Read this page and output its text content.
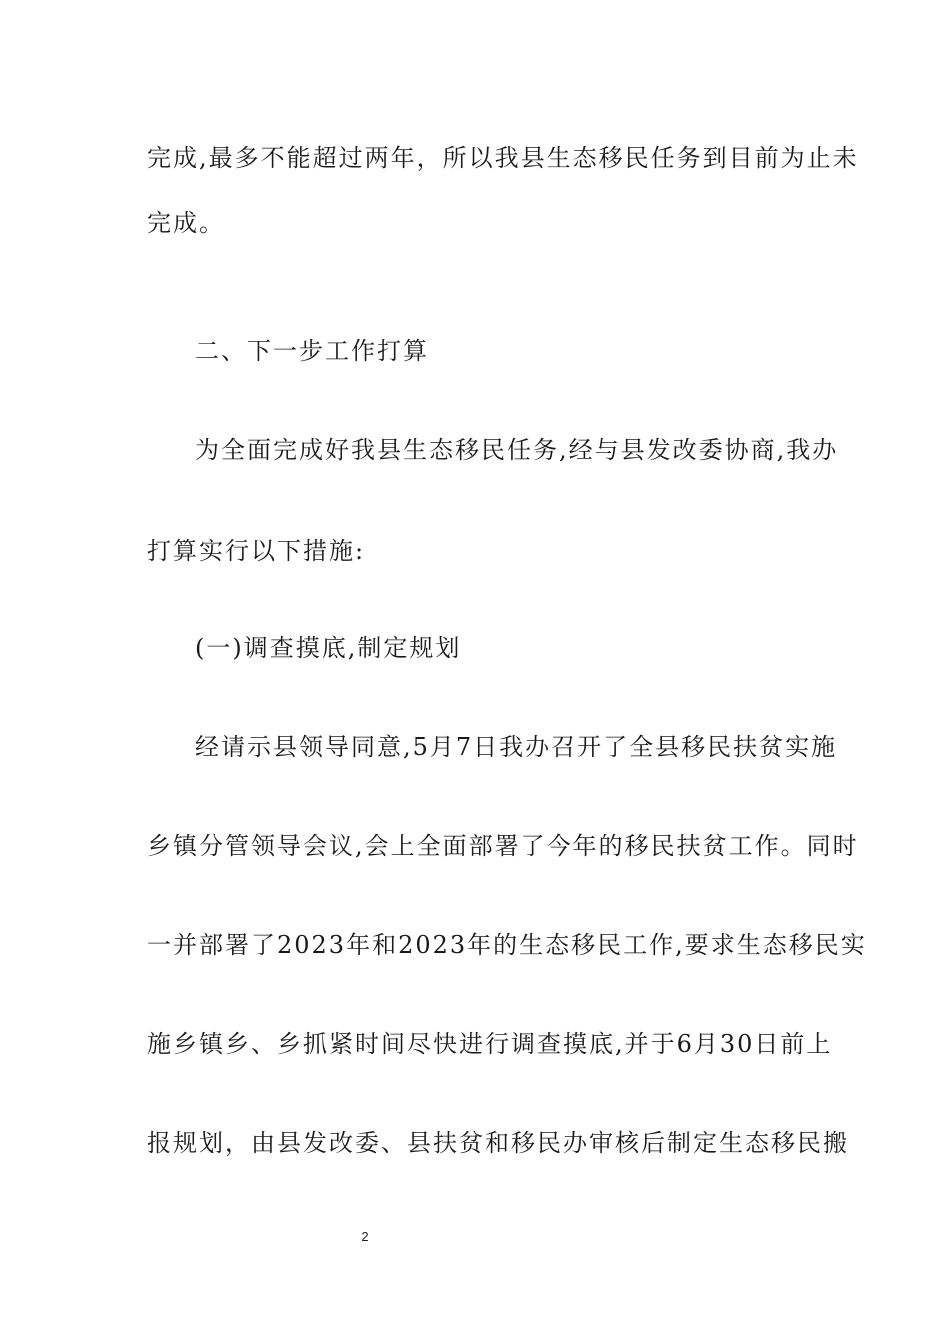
完成,最多不能超过两年，所以我县生态移民任务到目前为止未
完成。
二、下一步工作打算
为全面完成好我县生态移民任务,经与县发改委协商,我办
打算实行以下措施:
(一)调查摸底,制定规划
经请示县领导同意,5月7日我办召开了全县移民扶贫实施
乡镇分管领导会议,会上全面部署了今年的移民扶贫工作。同时
一并部署了2023年和2023年的生态移民工作,要求生态移民实
施乡镇乡、乡抓紧时间尽快进行调查摸底,并于6月30日前上
报规划，由县发改委、县扶贫和移民办审核后制定生态移民搬
2
